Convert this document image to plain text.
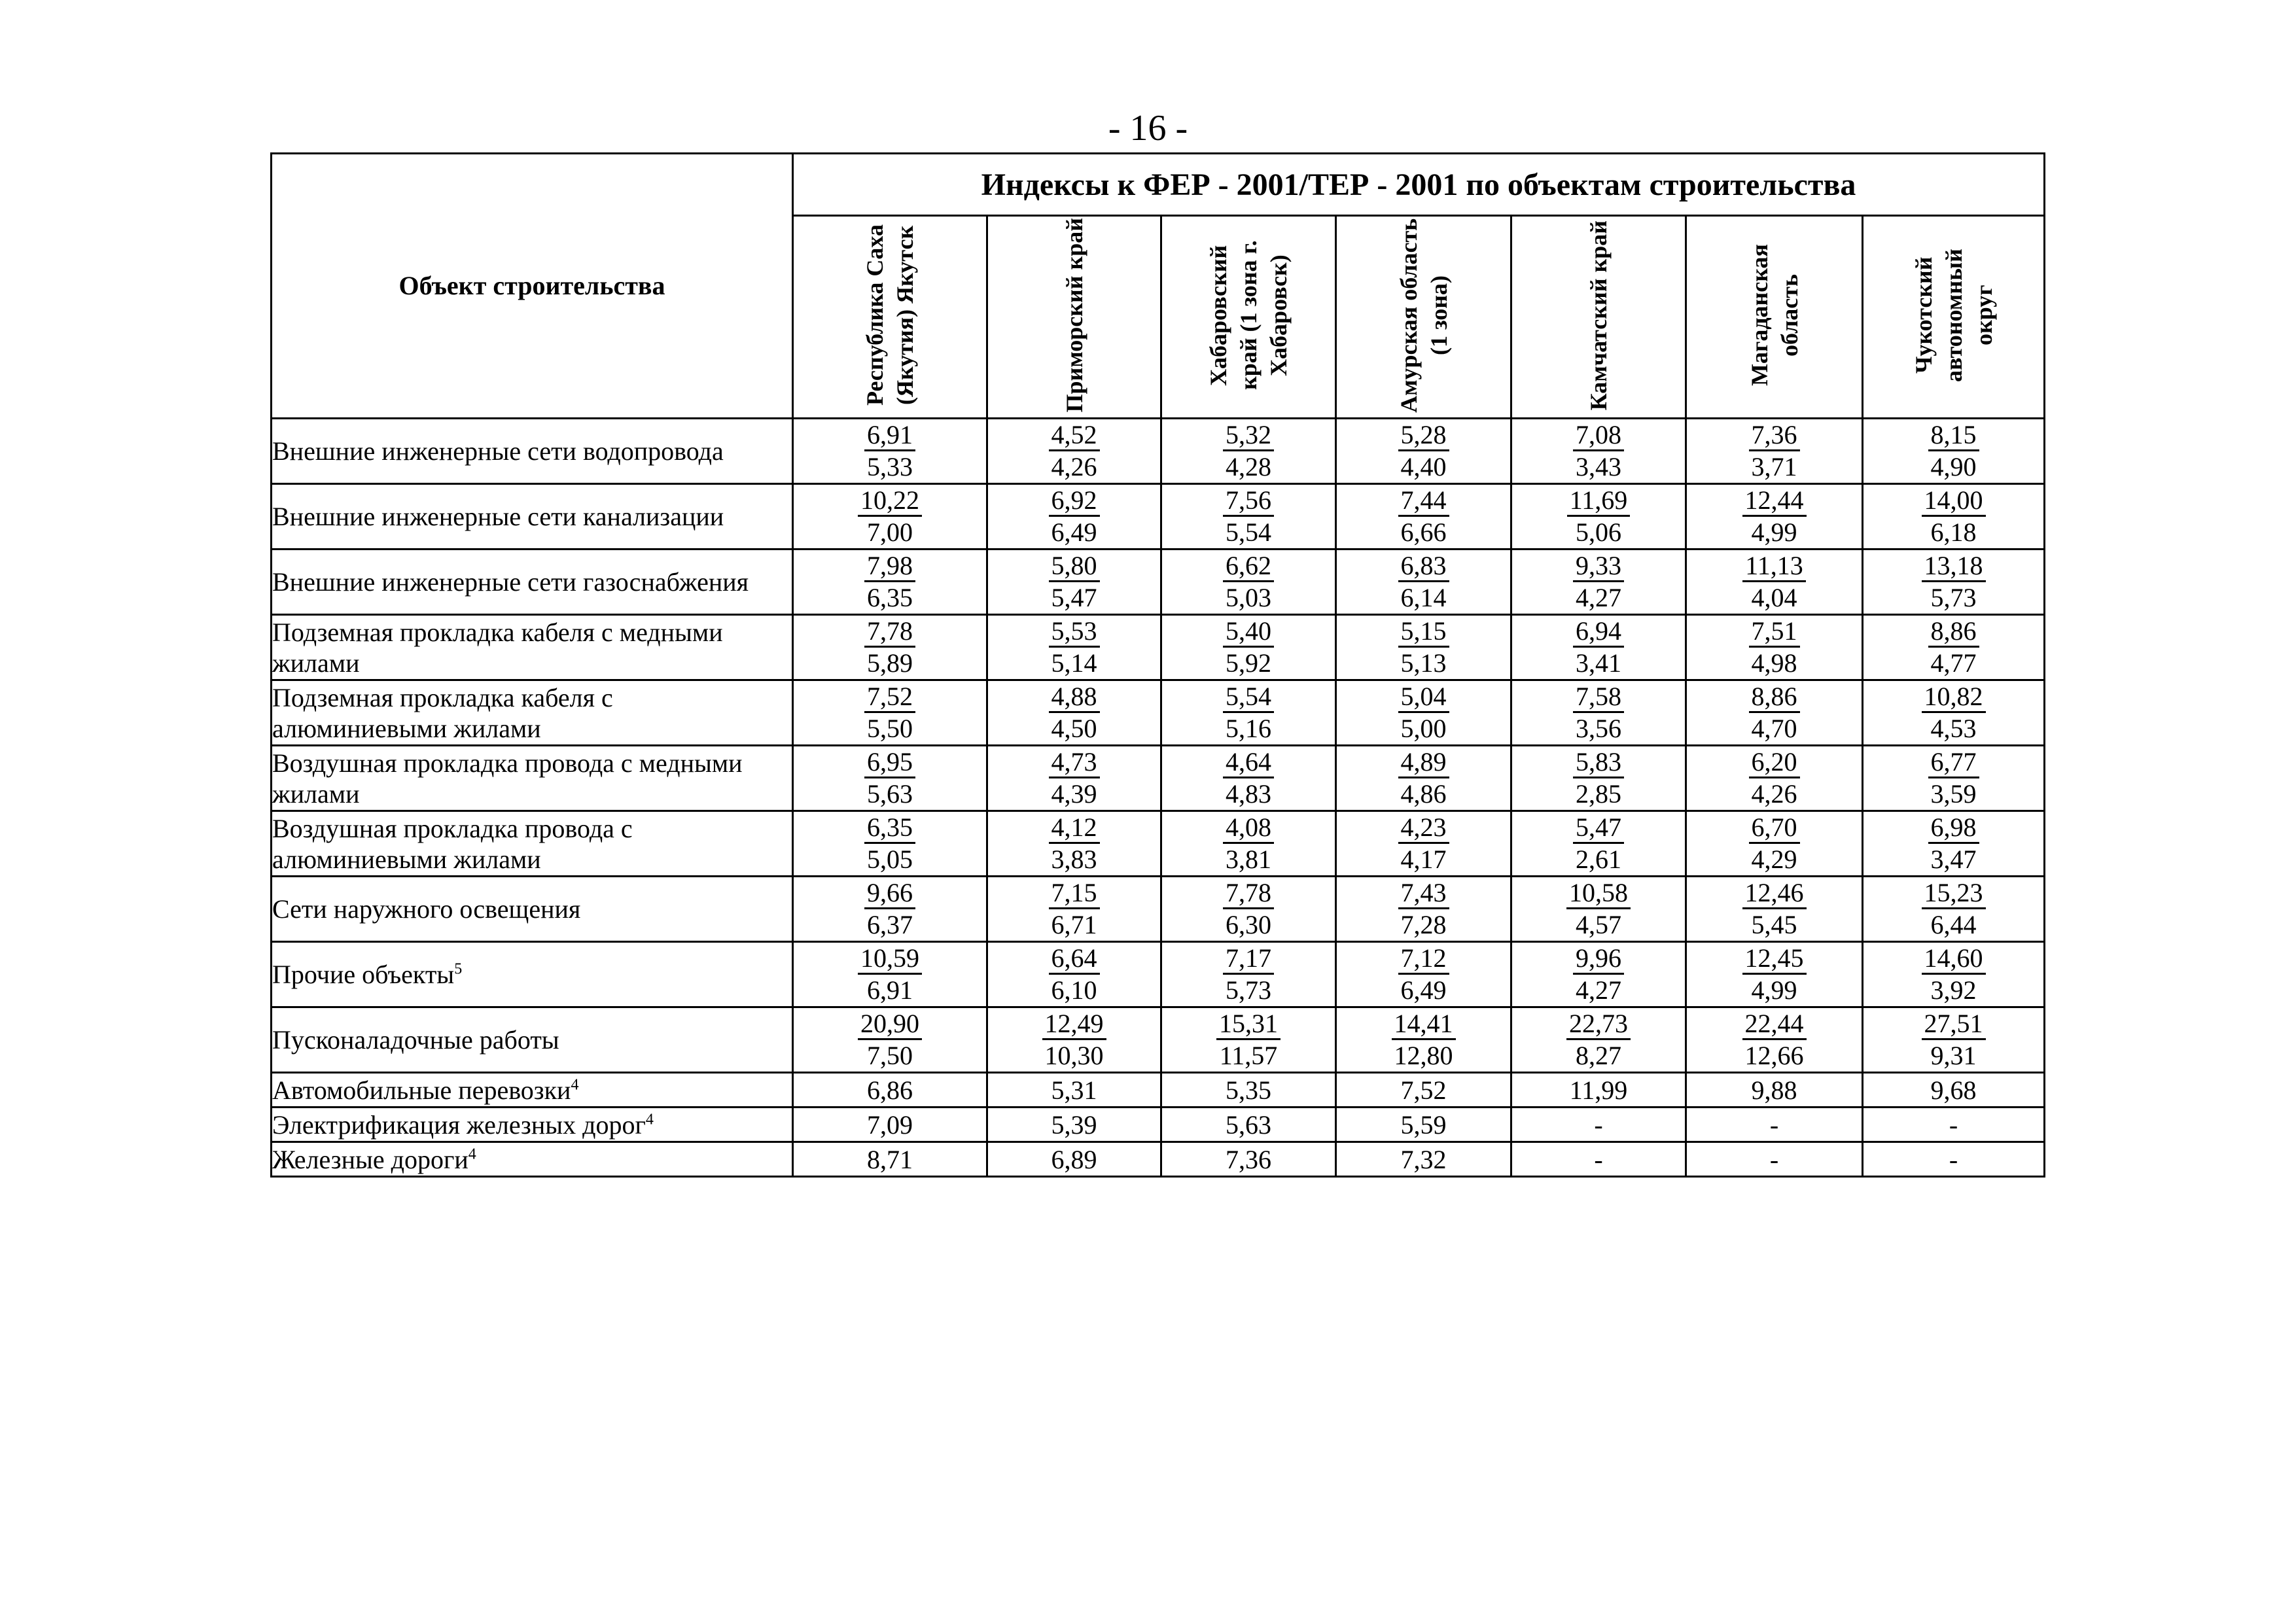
- 16 -
Объект строительства	Индексы к ФЕР - 2001/ТЕР - 2001 по объектам строительства						
	Республика Саха (Якутия) Якутск	Приморский край	Хабаровский край (1 зона г. Хабаровск)	Амурская область (1 зона)	Камчатский край	Магаданская область	Чукотский автономный округ
Внешние инженерные сети водопровода	$\frac{6,91}{5,33}$	$\frac{4,52}{4,26}$	$\frac{5,32}{4,28}$	$\frac{5,28}{4,40}$	$\frac{7,08}{3,43}$	$\frac{7,36}{3,71}$	$\frac{8,15}{4,90}$

Внешние инженерные сети канализации	$\frac{10,22}{7,00}$	$\frac{6,92}{6,49}$	$\frac{7,56}{5,54}$	$\frac{7,44}{6,66}$	$\frac{11,69}{5,06}$	$\frac{12,44}{4,99}$	$\frac{14,00}{6,18}$

Внешние инженерные сети газоснабжения	$\frac{7,98}{6,35}$	$\frac{5,80}{5,47}$	$\frac{6,62}{5,03}$	$\frac{6,83}{6,14}$	$\frac{9,33}{4,27}$	$\frac{11,13}{4,04}$	$\frac{13,18}{5,73}$

Подземная прокладка кабеля с медными жилами	$\frac{7,78}{5,89}$	$\frac{5,53}{5,14}$	$\frac{5,40}{5,92}$	$\frac{5,15}{5,13}$	$\frac{6,94}{3,41}$	$\frac{7,51}{4,98}$	$\frac{8,86}{4,77}$

Подземная прокладка кабеля с алюминиевыми жилами	$\frac{7,52}{5,50}$	$\frac{4,88}{4,50}$	$\frac{5,54}{5,16}$	$\frac{5,04}{5,00}$	$\frac{7,58}{3,56}$	$\frac{8,86}{4,70}$	$\frac{10,82}{4,53}$

Воздушная прокладка провода с медными жилами	$\frac{6,95}{5,63}$	$\frac{4,73}{4,39}$	$\frac{4,64}{4,83}$	$\frac{4,89}{4,86}$	$\frac{5,83}{2,85}$	$\frac{6,20}{4,26}$	$\frac{6,77}{3,59}$

Воздушная прокладка провода с алюминиевыми жилами	$\frac{6,35}{5,05}$	$\frac{4,12}{3,83}$	$\frac{4,08}{3,81}$	$\frac{4,23}{4,17}$	$\frac{5,47}{2,61}$	$\frac{6,70}{4,29}$	$\frac{6,98}{3,47}$

Сети наружного освещения	$\frac{9,66}{6,37}$	$\frac{7,15}{6,71}$	$\frac{7,78}{6,30}$	$\frac{7,43}{7,28}$	$\frac{10,58}{4,57}$	$\frac{12,46}{5,45}$	$\frac{15,23}{6,44}$

Прочие объекты$^5$	$\frac{10,59}{6,91}$	$\frac{6,64}{6,10}$	$\frac{7,17}{5,73}$	$\frac{7,12}{6,49}$	$\frac{9,96}{4,27}$	$\frac{12,45}{4,99}$	$\frac{14,60}{3,92}$

Пусконаладочные работы	$\frac{20,90}{7,50}$	$\frac{12,49}{10,30}$	$\frac{15,31}{11,57}$	$\frac{14,41}{12,80}$	$\frac{22,73}{8,27}$	$\frac{22,44}{12,66}$	$\frac{27,51}{9,31}$

Автомобильные перевозки$^4$	6,86	5,31	5,35	7,52	11,99	9,88	9,68
Электрификация железных дорог$^4$	7,09	5,39	5,63	5,59	-	-	-
Железные дороги$^4$	8,71	6,89	7,36	7,32	-	-	-
